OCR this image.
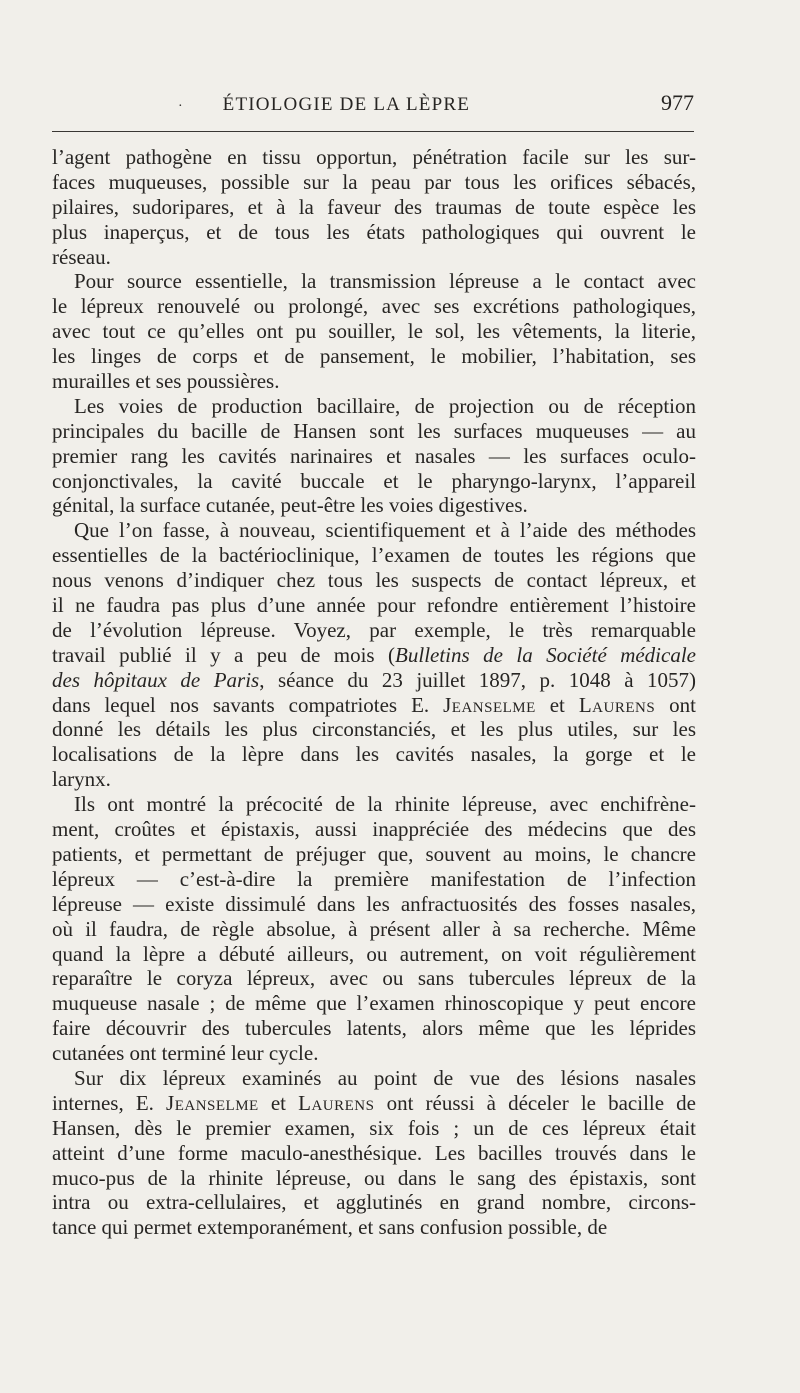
· ÉTIOLOGIE DE LA LÈPRE	977
l’agent pathogène en tissu opportun, pénétration facile sur les sur-
faces muqueuses, possible sur la peau par tous les orifices sébacés,
pilaires, sudoripares, et à la faveur des traumas de toute espèce les
plus inaperçus, et de tous les états pathologiques qui ouvrent le
réseau.
Pour source essentielle, la transmission lépreuse a le contact avec
le lépreux renouvelé ou prolongé, avec ses excrétions pathologiques,
avec tout ce qu’elles ont pu souiller, le sol, les vêtements, la literie,
les linges de corps et de pansement, le mobilier, l’habitation, ses
murailles et ses poussières.
Les voies de production bacillaire, de projection ou de réception
principales du bacille de Hansen sont les surfaces muqueuses — au
premier rang les cavités narinaires et nasales — les surfaces oculo-
conjonctivales, la cavité buccale et le pharyngo-larynx, l’appareil
génital, la surface cutanée, peut-être les voies digestives.
Que l’on fasse, à nouveau, scientifiquement et à l’aide des méthodes
essentielles de la bactérioclinique, l’examen de toutes les régions que
nous venons d’indiquer chez tous les suspects de contact lépreux, et
il ne faudra pas plus d’une année pour refondre entièrement l’histoire
de l’évolution lépreuse. Voyez, par exemple, le très remarquable
travail publié il y a peu de mois (Bulletins de la Société médicale
des hôpitaux de Paris, séance du 23 juillet 1897, p. 1048 à 1057)
dans lequel nos savants compatriotes E. Jeanselme et Laurens ont
donné les détails les plus circonstanciés, et les plus utiles, sur les
localisations de la lèpre dans les cavités nasales, la gorge et le
larynx.
Ils ont montré la précocité de la rhinite lépreuse, avec enchifrène-
ment, croûtes et épistaxis, aussi inappréciée des médecins que des
patients, et permettant de préjuger que, souvent au moins, le chancre
lépreux — c’est-à-dire la première manifestation de l’infection
lépreuse — existe dissimulé dans les anfractuosités des fosses nasales,
où il faudra, de règle absolue, à présent aller à sa recherche. Même
quand la lèpre a débuté ailleurs, ou autrement, on voit régulièrement
reparaître le coryza lépreux, avec ou sans tubercules lépreux de la
muqueuse nasale ; de même que l’examen rhinoscopique y peut encore
faire découvrir des tubercules latents, alors même que les léprides
cutanées ont terminé leur cycle.
Sur dix lépreux examinés au point de vue des lésions nasales
internes, E. Jeanselme et Laurens ont réussi à déceler le bacille de
Hansen, dès le premier examen, six fois ; un de ces lépreux était
atteint d’une forme maculo-anesthésique. Les bacilles trouvés dans le
muco-pus de la rhinite lépreuse, ou dans le sang des épistaxis, sont
intra ou extra-cellulaires, et agglutinés en grand nombre, circons-
tance qui permet extemporanément, et sans confusion possible, de
